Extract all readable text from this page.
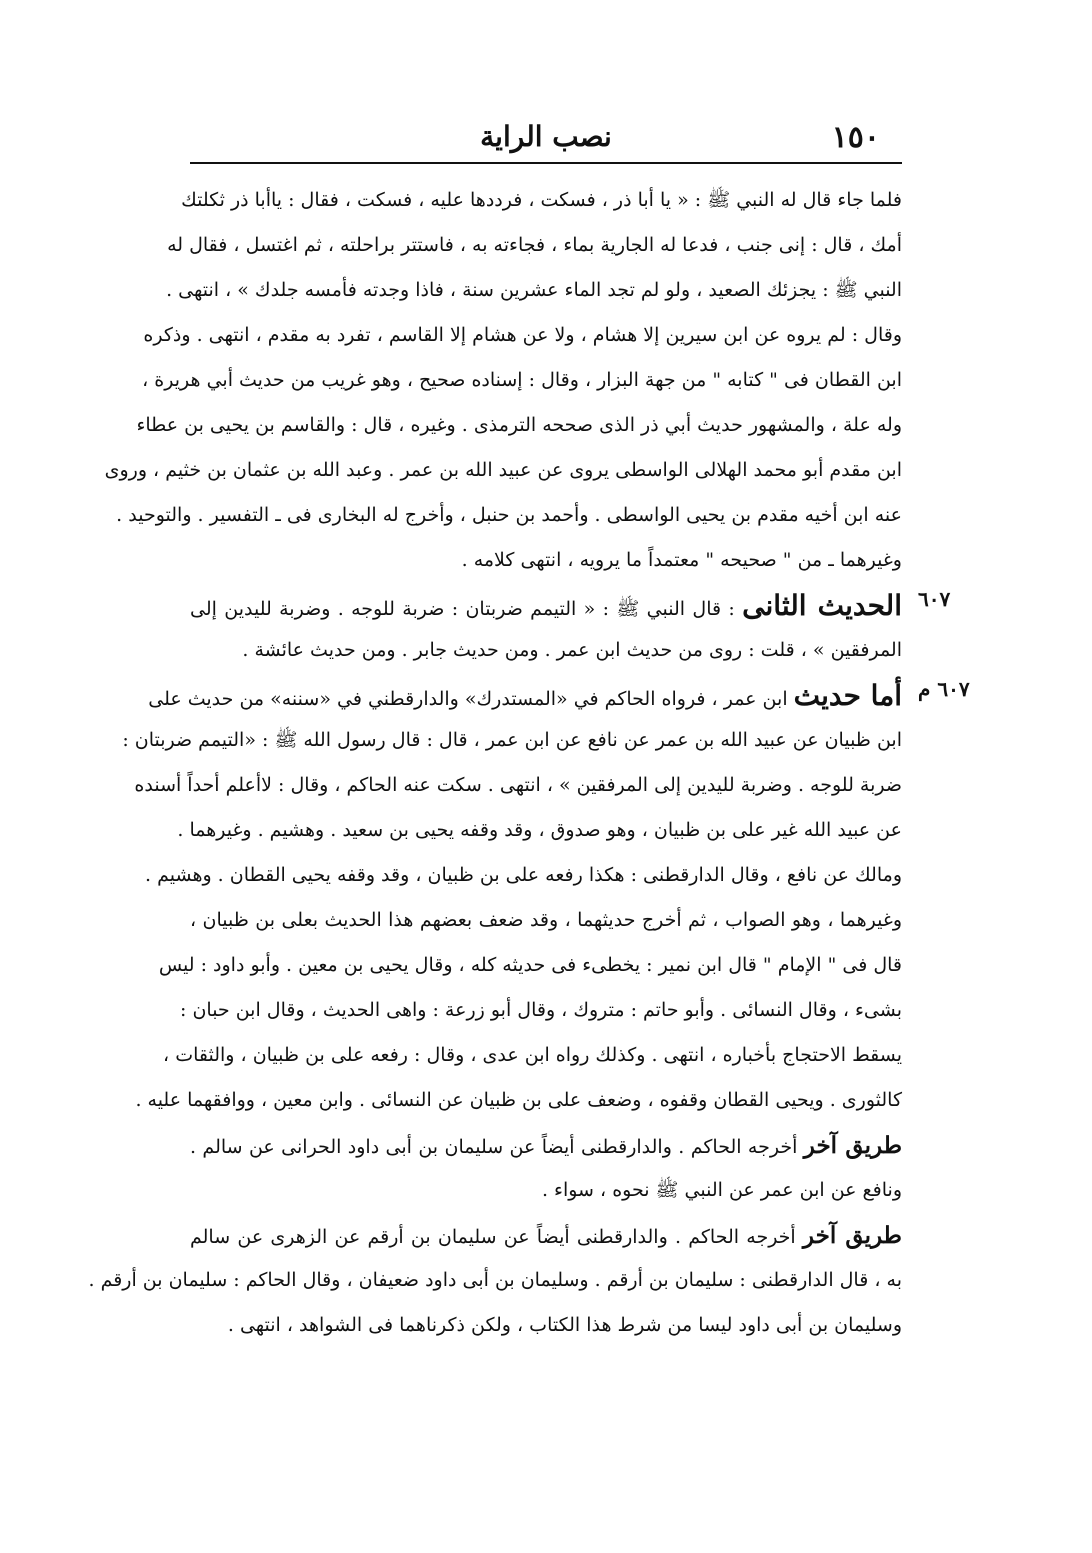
١٥٠
نصب الراية
فلما جاء قال له النبي ﷺ : « يا أبا ذر ، فسكت ، فرددها عليه ، فسكت ، فقال : ياأبا ذر ثكلتك
أمك ، قال : إنى جنب ، فدعا له الجارية بماء ، فجاءته به ، فاستتر براحلته ، ثم اغتسل ، فقال له
النبي ﷺ : يجزئك الصعيد ، ولو لم تجد الماء عشرين سنة ، فاذا وجدته فأمسه جلدك » ، انتهى .
وقال : لم يروه عن ابن سيرين إلا هشام ، ولا عن هشام إلا القاسم ، تفرد به مقدم ، انتهى . وذكره
ابن القطان فى " كتابه " من جهة البزار ، وقال : إسناده صحيح ، وهو غريب من حديث أبي هريرة ،
وله علة ، والمشهور حديث أبي ذر الذى صححه الترمذى . وغيره ، قال : والقاسم بن يحيى بن عطاء
ابن مقدم أبو محمد الهلالى الواسطى يروى عن عبيد الله بن عمر . وعبد الله بن عثمان بن خثيم ، وروى
عنه ابن أخيه مقدم بن يحيى الواسطى . وأحمد بن حنبل ، وأخرج له البخارى فى ـ التفسير . والتوحيد .
وغيرهما ـ من " صحيحه " معتمداً ما يرويه ، انتهى كلامه .
٦٠٧
الحديث الثانى : قال النبي ﷺ : « التيمم ضربتان : ضربة للوجه . وضربة لليدين إلى
المرفقين » ، قلت : روى من حديث ابن عمر . ومن حديث جابر . ومن حديث عائشة .
٦٠٧ م
أما حديث ابن عمر ، فرواه الحاكم في «المستدرك» والدارقطني في «سننه» من حديث على
ابن ظبيان عن عبيد الله بن عمر عن نافع عن ابن عمر ، قال : قال رسول الله ﷺ : «التيمم ضربتان :
ضربة للوجه . وضربة لليدين إلى المرفقين » ، انتهى . سكت عنه الحاكم ، وقال : لاأعلم أحداً أسنده
عن عبيد الله غير على بن ظبيان ، وهو صدوق ، وقد وقفه يحيى بن سعيد . وهشيم . وغيرهما .
ومالك عن نافع ، وقال الدارقطنى : هكذا رفعه على بن ظبيان ، وقد وقفه يحيى القطان . وهشيم .
وغيرهما ، وهو الصواب ، ثم أخرج حديثهما ، وقد ضعف بعضهم هذا الحديث بعلى بن ظبيان ،
قال فى " الإمام " قال ابن نمير : يخطىء فى حديثه كله ، وقال يحيى بن معين . وأبو داود : ليس
بشىء ، وقال النسائى . وأبو حاتم : متروك ، وقال أبو زرعة : واهى الحديث ، وقال ابن حبان :
يسقط الاحتجاج بأخباره ، انتهى . وكذلك رواه ابن عدى ، وقال : رفعه على بن ظبيان ، والثقات ،
كالثورى . ويحيى القطان وقفوه ، وضعف على بن ظبيان عن النسائى . وابن معين ، ووافقهما عليه .
طريق آخر أخرجه الحاكم . والدارقطنى أيضاً عن سليمان بن أبى داود الحرانى عن سالم .
ونافع عن ابن عمر عن النبي ﷺ نحوه ، سواء .
طريق آخر أخرجه الحاكم . والدارقطنى أيضاً عن سليمان بن أرقم عن الزهرى عن سالم
به ، قال الدارقطنى : سليمان بن أرقم . وسليمان بن أبى داود ضعيفان ، وقال الحاكم : سليمان بن أرقم .
وسليمان بن أبى داود ليسا من شرط هذا الكتاب ، ولكن ذكرناهما فى الشواهد ، انتهى .
